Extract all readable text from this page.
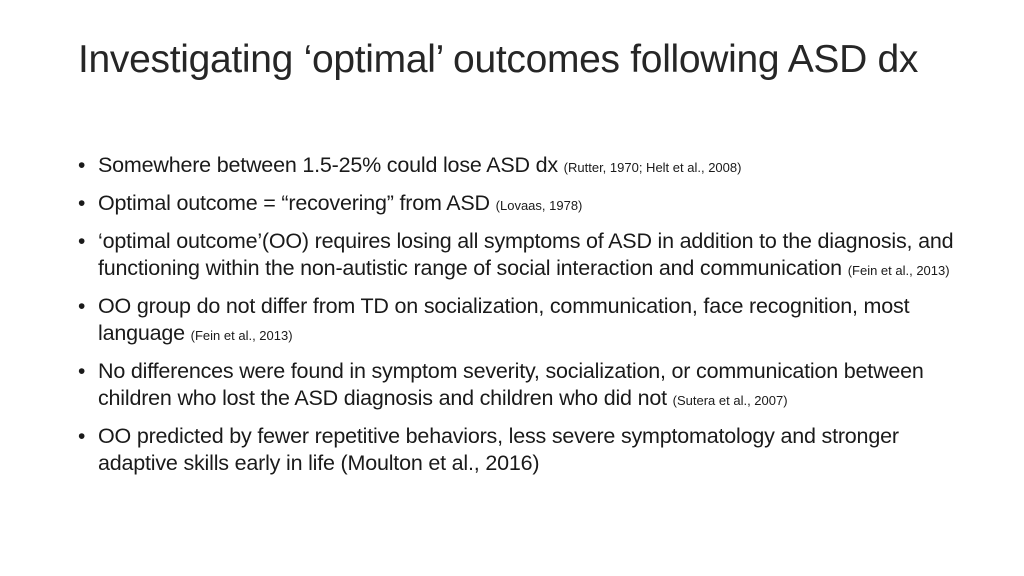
Investigating ‘optimal’ outcomes following ASD dx
• Somewhere between 1.5-25% could lose ASD dx (Rutter, 1970; Helt et al., 2008)
• Optimal outcome = “recovering” from ASD (Lovaas, 1978)
• ‘optimal outcome’(OO) requires losing all symptoms of ASD in addition to the diagnosis, and functioning within the non-autistic range of social interaction and communication (Fein et al., 2013)
• OO group do not differ from TD on socialization, communication, face recognition, most language (Fein et al., 2013)
• No differences were found in symptom severity, socialization, or communication between children who lost the ASD diagnosis and children who did not (Sutera et al., 2007)
• OO predicted by fewer repetitive behaviors, less severe symptomatology and stronger adaptive skills early in life (Moulton et al., 2016)
